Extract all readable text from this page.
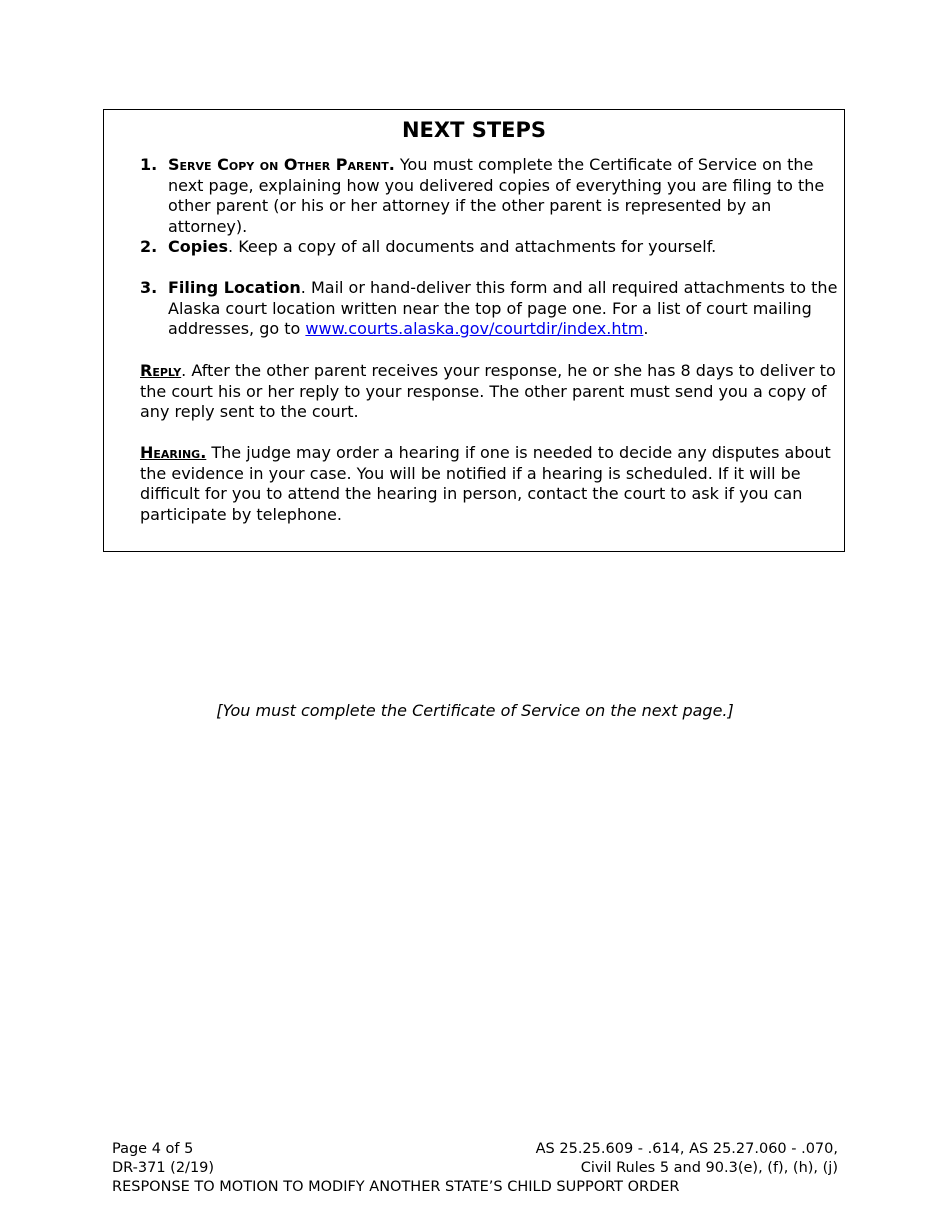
NEXT STEPS
1. Serve Copy on Other Parent. You must complete the Certificate of Service on the next page, explaining how you delivered copies of everything you are filing to the other parent (or his or her attorney if the other parent is represented by an attorney).
2. Copies. Keep a copy of all documents and attachments for yourself.
3. Filing Location. Mail or hand-deliver this form and all required attachments to the Alaska court location written near the top of page one. For a list of court mailing addresses, go to www.courts.alaska.gov/courtdir/index.htm.
Reply. After the other parent receives your response, he or she has 8 days to deliver to the court his or her reply to your response. The other parent must send you a copy of any reply sent to the court.
Hearing. The judge may order a hearing if one is needed to decide any disputes about the evidence in your case. You will be notified if a hearing is scheduled. If it will be difficult for you to attend the hearing in person, contact the court to ask if you can participate by telephone.
[You must complete the Certificate of Service on the next page.]
Page 4 of 5
DR-371 (2/19)
AS 25.25.609 - .614, AS 25.27.060 - .070,
Civil Rules 5 and 90.3(e), (f), (h), (j)
RESPONSE TO MOTION TO MODIFY ANOTHER STATE’S CHILD SUPPORT ORDER
